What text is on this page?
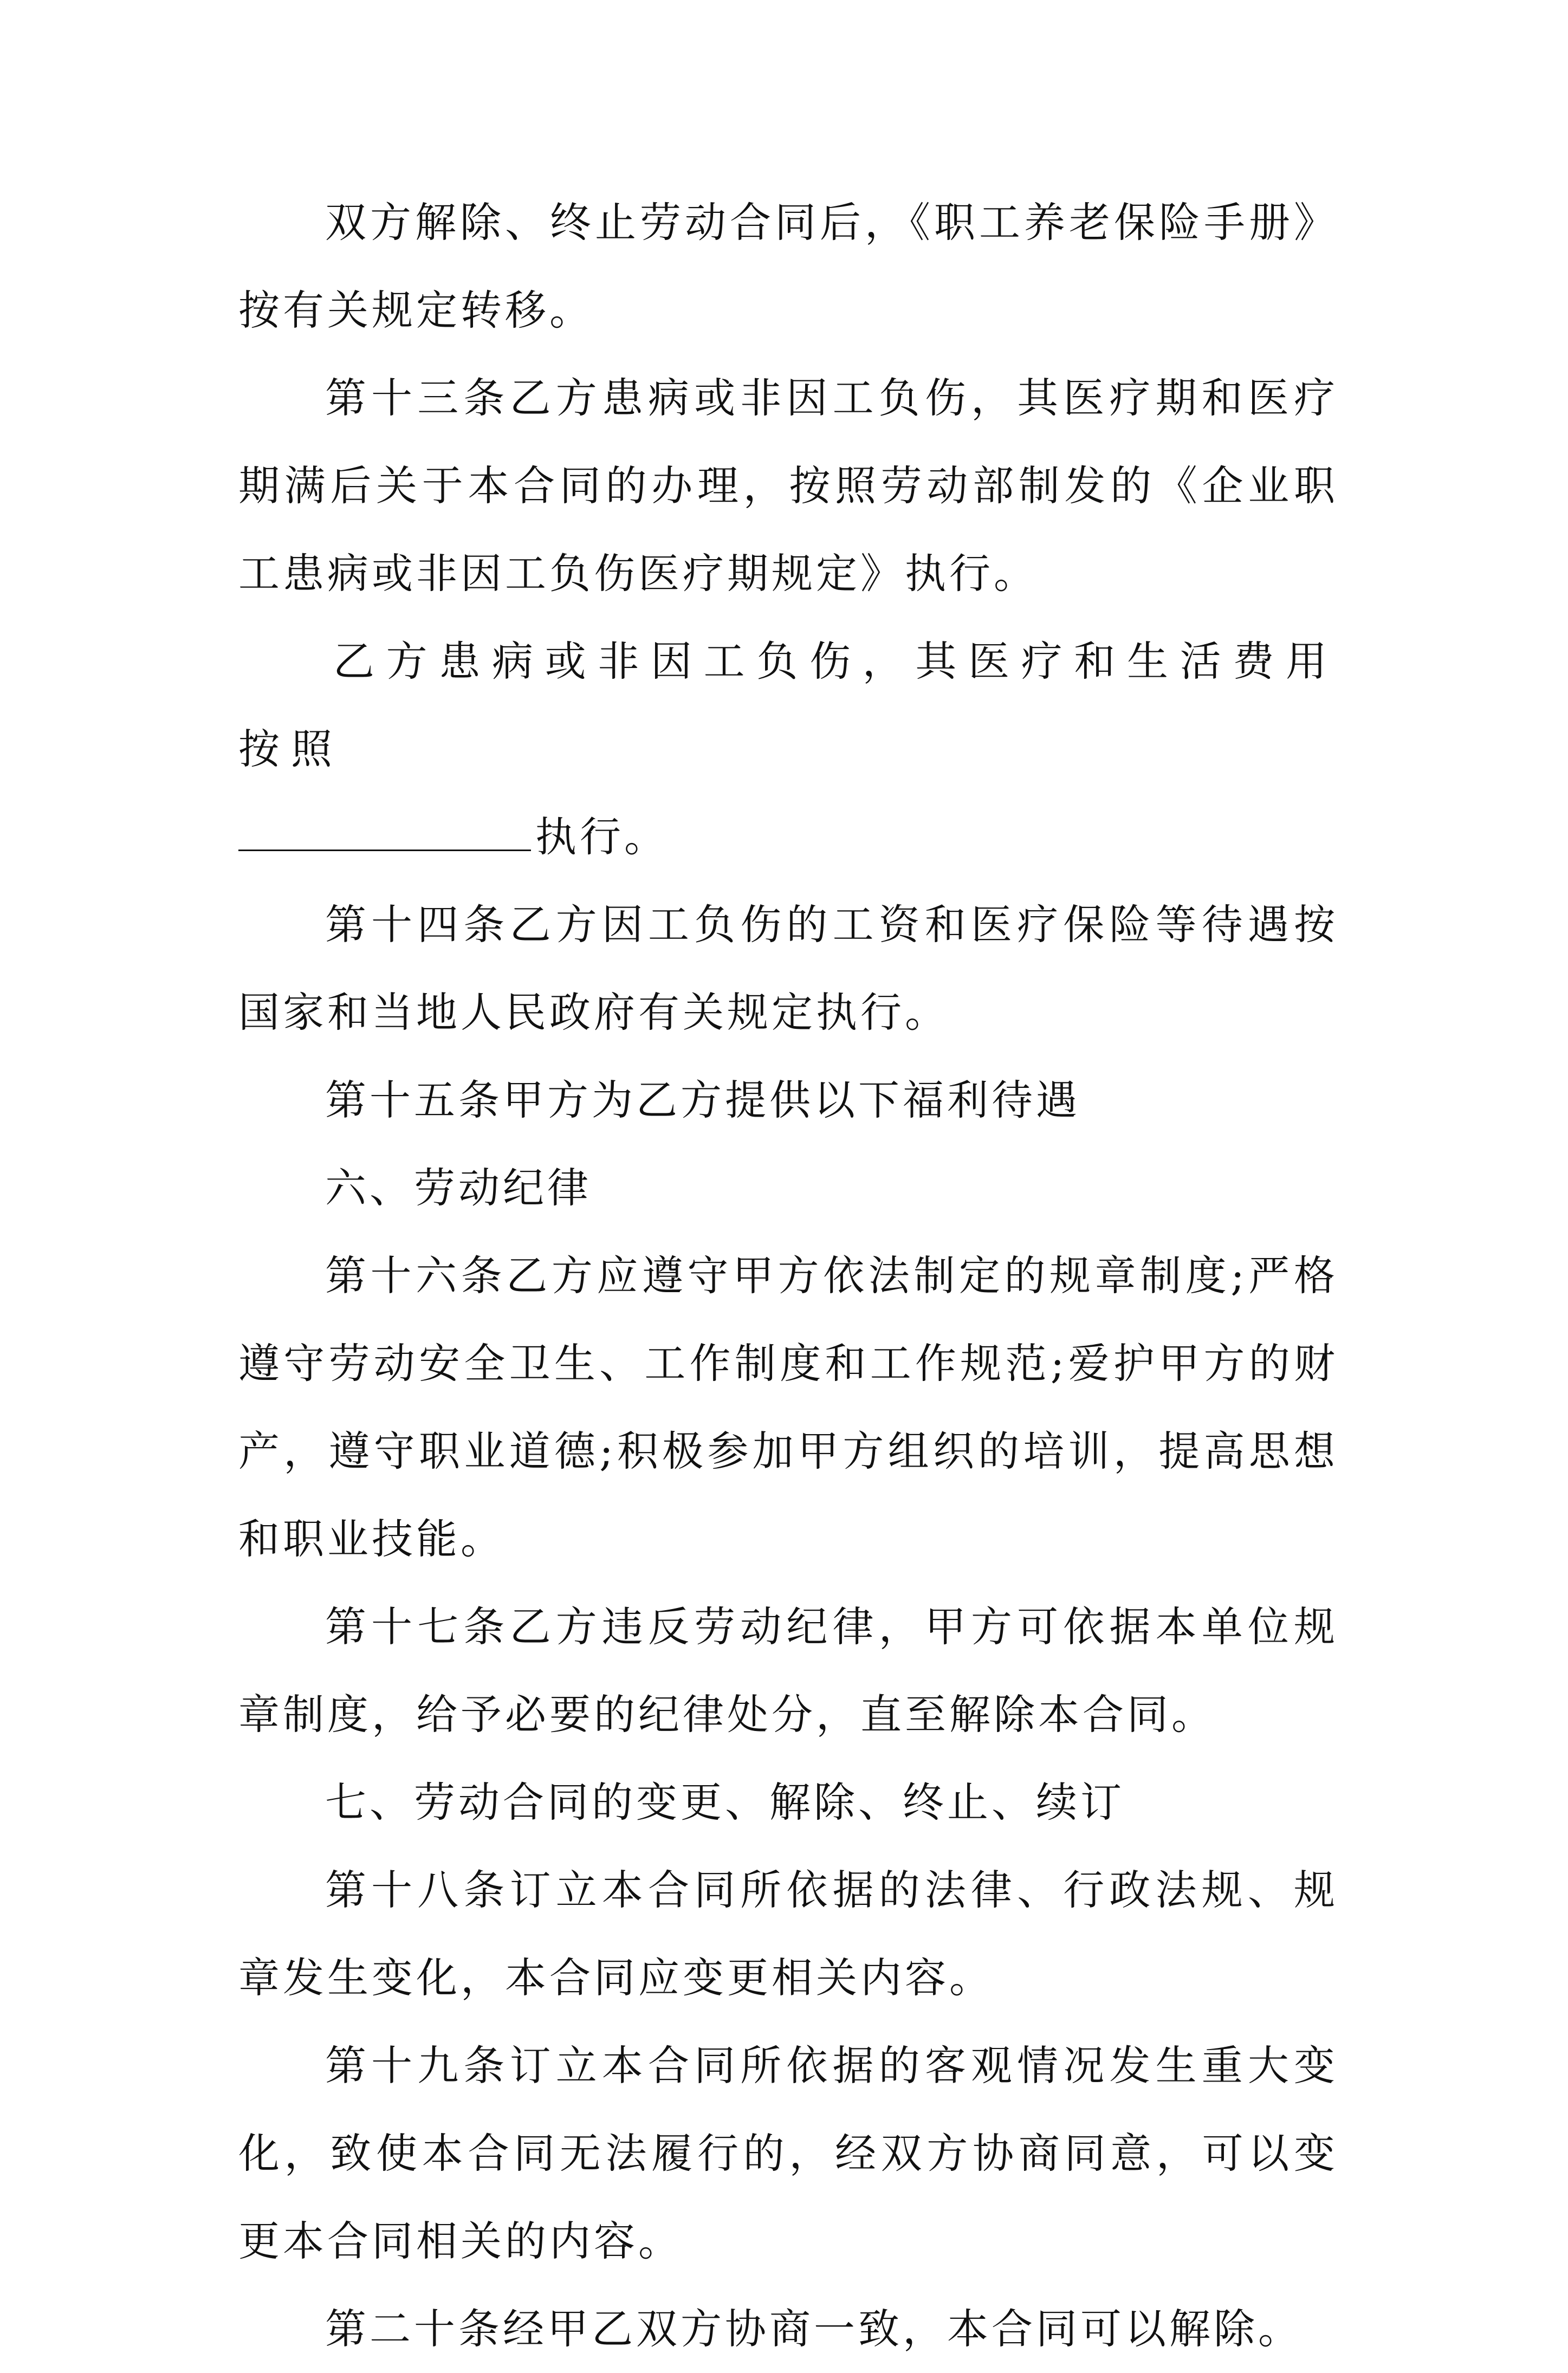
双方解除、终止劳动合同后，《职工养老保险手册》按有关规定转移。

第十三条乙方患病或非因工负伤，其医疗期和医疗期满后关于本合同的办理，按照劳动部制发的《企业职工患病或非因工负伤医疗期规定》执行。

乙方患病或非因工负伤，其医疗和生活费用按照

执行。

第十四条乙方因工负伤的工资和医疗保险等待遇按国家和当地人民政府有关规定执行。

第十五条甲方为乙方提供以下福利待遇

六、劳动纪律

第十六条乙方应遵守甲方依法制定的规章制度;严格遵守劳动安全卫生、工作制度和工作规范;爱护甲方的财产，遵守职业道德;积极参加甲方组织的培训，提高思想和职业技能。

第十七条乙方违反劳动纪律，甲方可依据本单位规章制度，给予必要的纪律处分，直至解除本合同。

七、劳动合同的变更、解除、终止、续订

第十八条订立本合同所依据的法律、行政法规、规章发生变化，本合同应变更相关内容。

第十九条订立本合同所依据的客观情况发生重大变化，致使本合同无法履行的，经双方协商同意，可以变更本合同相关的内容。

第二十条经甲乙双方协商一致，本合同可以解除。
